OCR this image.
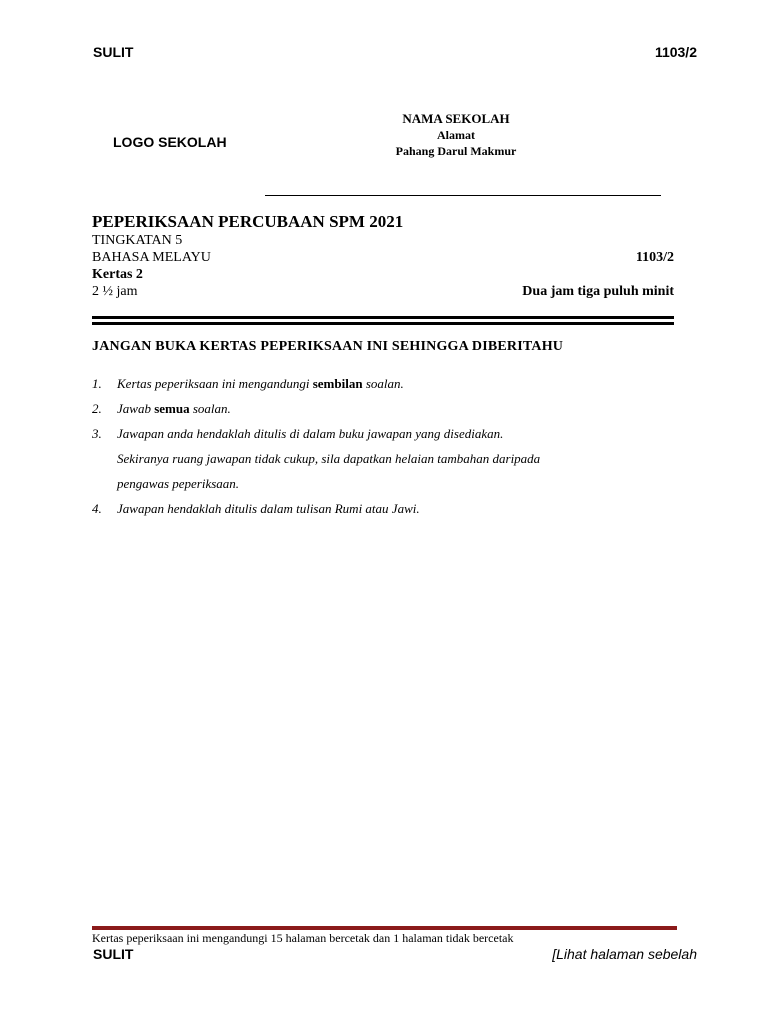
SULIT	1103/2
LOGO SEKOLAH
NAMA SEKOLAH
Alamat
Pahang Darul Makmur
PEPERIKSAAN PERCUBAAN SPM 2021
TINGKATAN 5
BAHASA MELAYU	1103/2
Kertas 2
2 ½ jam	Dua jam tiga puluh minit
JANGAN BUKA KERTAS PEPERIKSAAN INI SEHINGGA DIBERITAHU
1.	Kertas peperiksaan ini mengandungi sembilan soalan.
2.	Jawab semua soalan.
3.	Jawapan anda hendaklah ditulis di dalam buku jawapan yang disediakan.
Sekiranya ruang jawapan tidak cukup, sila dapatkan helaian tambahan daripada
pengawas peperiksaan.
4.	Jawapan hendaklah ditulis dalam tulisan Rumi atau Jawi.
Kertas peperiksaan ini mengandungi 15 halaman bercetak dan 1 halaman tidak bercetak
SULIT	[Lihat halaman sebelah
